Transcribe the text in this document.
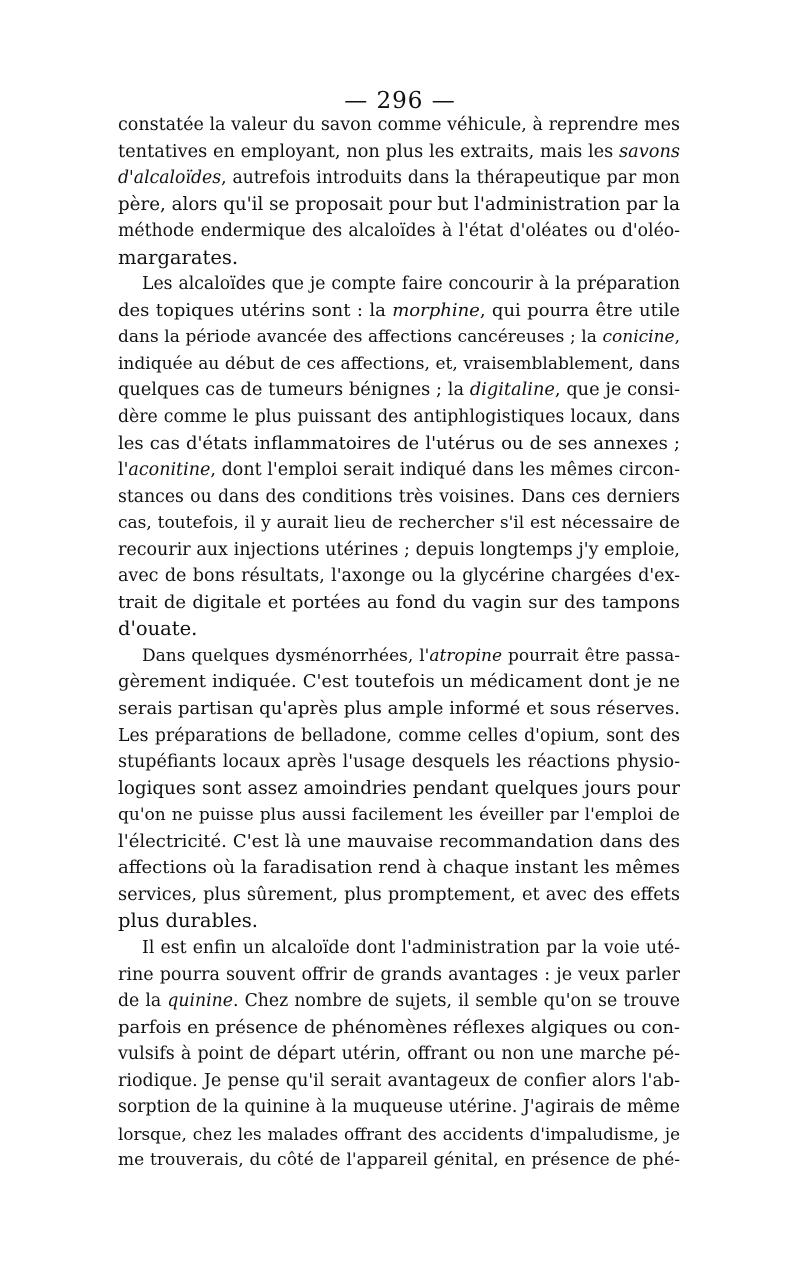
— 296 —
constatée la valeur du savon comme véhicule, à reprendre mes
tentatives en employant, non plus les extraits, mais les savons
d'alcaloïdes, autrefois introduits dans la thérapeutique par mon
père, alors qu'il se proposait pour but l'administration par la
méthode endermique des alcaloïdes à l'état d'oléates ou d'oléo-
margarates.
Les alcaloïdes que je compte faire concourir à la préparation
des topiques utérins sont : la morphine, qui pourra être utile
dans la période avancée des affections cancéreuses ; la conicine,
indiquée au début de ces affections, et, vraisemblablement, dans
quelques cas de tumeurs bénignes ; la digitaline, que je consi-
dère comme le plus puissant des antiphlogistiques locaux, dans
les cas d'états inflammatoires de l'utérus ou de ses annexes ;
l'aconitine, dont l'emploi serait indiqué dans les mêmes circon-
stances ou dans des conditions très voisines. Dans ces derniers
cas, toutefois, il y aurait lieu de rechercher s'il est nécessaire de
recourir aux injections utérines ; depuis longtemps j'y emploie,
avec de bons résultats, l'axonge ou la glycérine chargées d'ex-
trait de digitale et portées au fond du vagin sur des tampons
d'ouate.
Dans quelques dysménorrhées, l'atropine pourrait être passa-
gèrement indiquée. C'est toutefois un médicament dont je ne
serais partisan qu'après plus ample informé et sous réserves.
Les préparations de belladone, comme celles d'opium, sont des
stupéfiants locaux après l'usage desquels les réactions physio-
logiques sont assez amoindries pendant quelques jours pour
qu'on ne puisse plus aussi facilement les éveiller par l'emploi de
l'électricité. C'est là une mauvaise recommandation dans des
affections où la faradisation rend à chaque instant les mêmes
services, plus sûrement, plus promptement, et avec des effets
plus durables.
Il est enfin un alcaloïde dont l'administration par la voie uté-
rine pourra souvent offrir de grands avantages : je veux parler
de la quinine. Chez nombre de sujets, il semble qu'on se trouve
parfois en présence de phénomènes réflexes algiques ou con-
vulsifs à point de départ utérin, offrant ou non une marche pé-
riodique. Je pense qu'il serait avantageux de confier alors l'ab-
sorption de la quinine à la muqueuse utérine. J'agirais de même
lorsque, chez les malades offrant des accidents d'impaludisme, je
me trouverais, du côté de l'appareil génital, en présence de phé-
